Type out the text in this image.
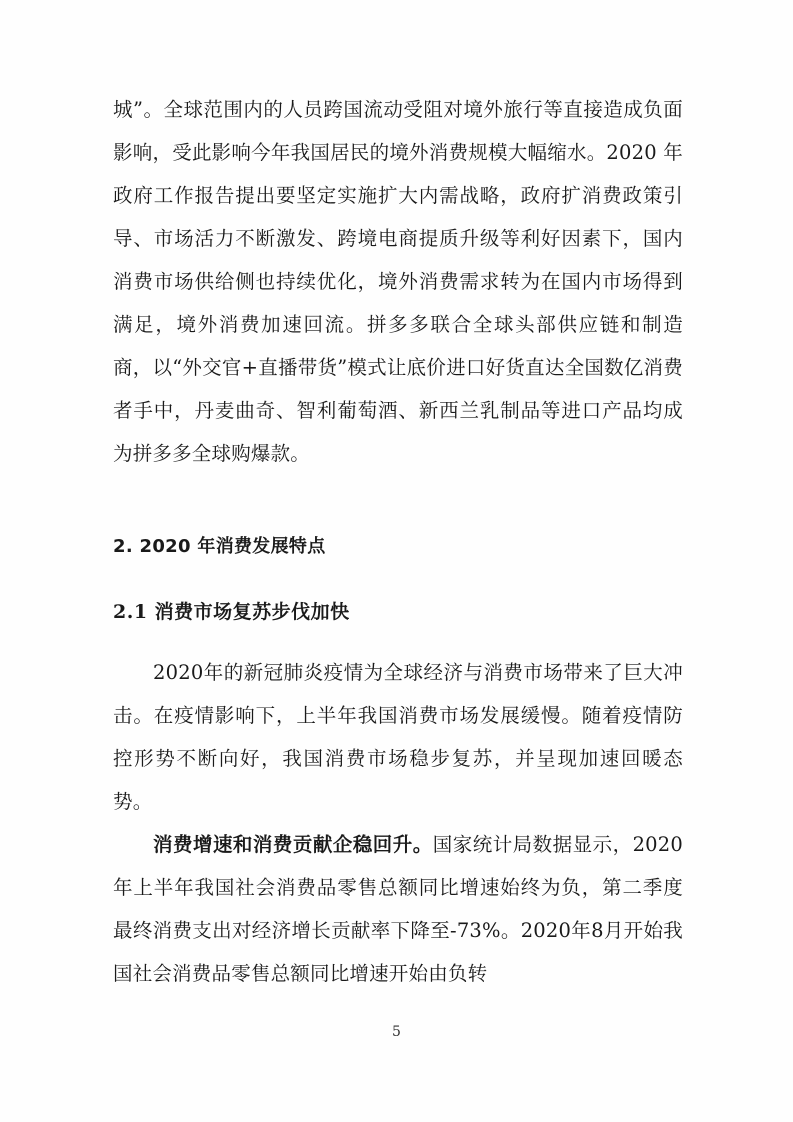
城”。全球范围内的人员跨国流动受阻对境外旅行等直接造成负面影响，受此影响今年我国居民的境外消费规模大幅缩水。2020 年政府工作报告提出要坚定实施扩大内需战略，政府扩消费政策引导、市场活力不断激发、跨境电商提质升级等利好因素下，国内消费市场供给侧也持续优化，境外消费需求转为在国内市场得到满足，境外消费加速回流。拼多多联合全球头部供应链和制造商，以“外交官+直播带货”模式让底价进口好货直达全国数亿消费者手中，丹麦曲奇、智利葡萄酒、新西兰乳制品等进口产品均成为拼多多全球购爆款。

2. 2020 年消费发展特点
2.1 消费市场复苏步伐加快

2020年的新冠肺炎疫情为全球经济与消费市场带来了巨大冲击。在疫情影响下，上半年我国消费市场发展缓慢。随着疫情防控形势不断向好，我国消费市场稳步复苏，并呈现加速回暖态势。

消费增速和消费贡献企稳回升。国家统计局数据显示，2020年上半年我国社会消费品零售总额同比增速始终为负，第二季度最终消费支出对经济增长贡献率下降至-73%。2020年8月开始我国社会消费品零售总额同比增速开始由负转

5
